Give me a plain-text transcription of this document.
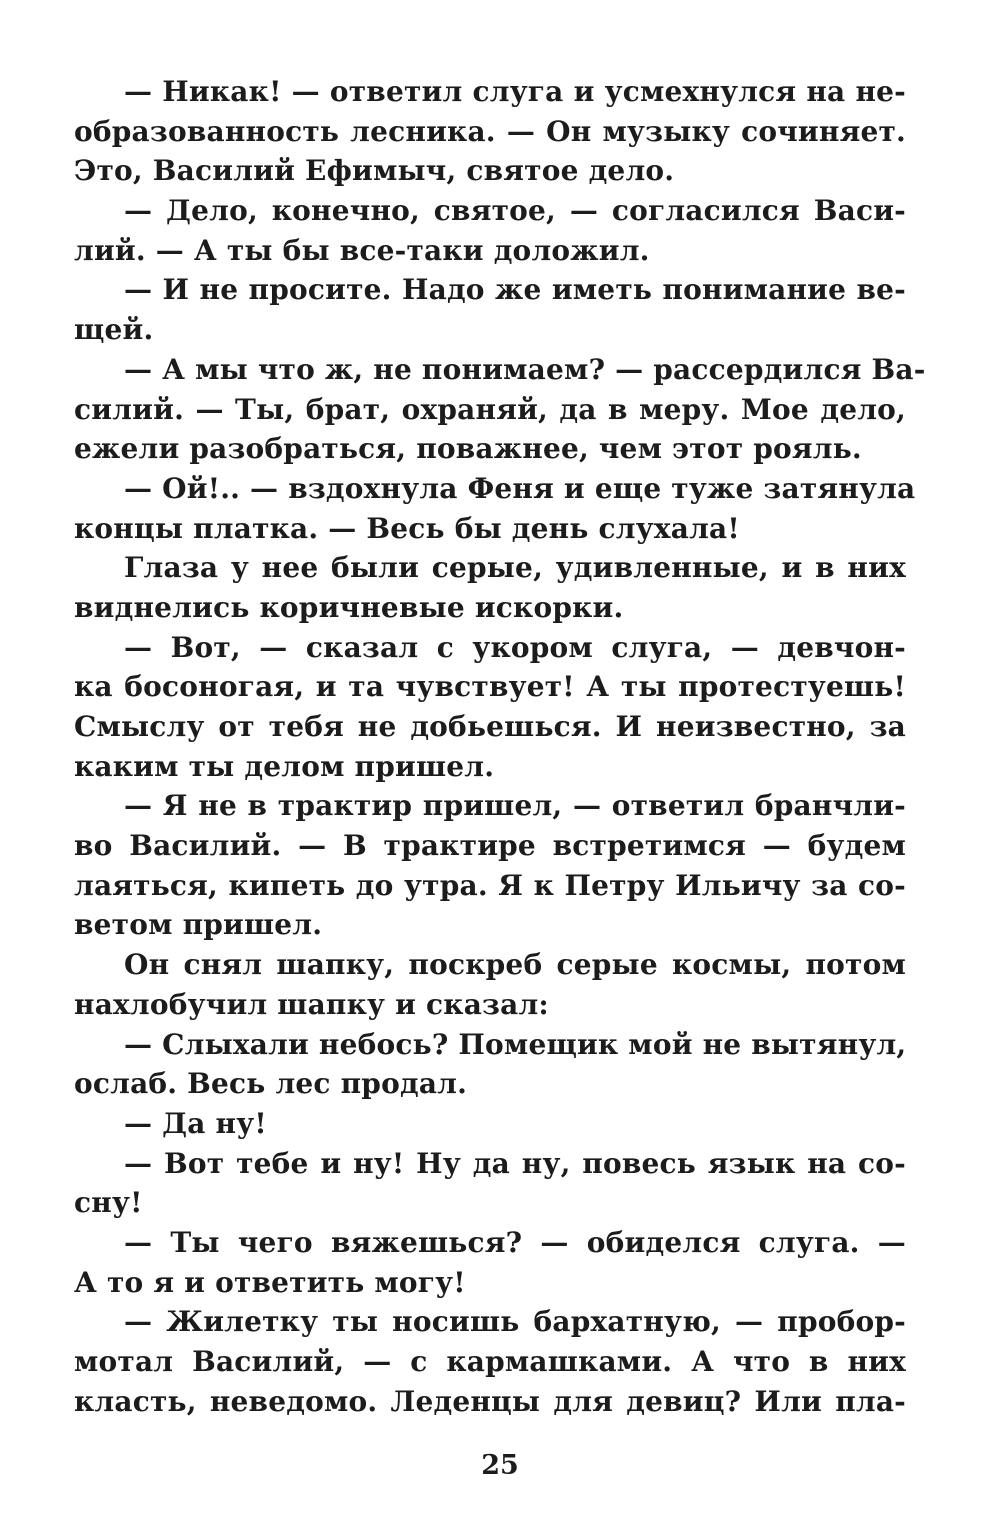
— Никак! — ответил слуга и усмехнулся на не-
образованность лесника. — Он музыку сочиняет.
Это, Василий Ефимыч, святое дело.
— Дело, конечно, святое, — согласился Васи-
лий. — А ты бы все-таки доложил.
— И не просите. Надо же иметь понимание ве-
щей.
— А мы что ж, не понимаем? — рассердился Ва-
силий. — Ты, брат, охраняй, да в меру. Мое дело,
ежели разобраться, поважнее, чем этот рояль.
— Ой!.. — вздохнула Феня и еще туже затянула
концы платка. — Весь бы день слухала!
Глаза у нее были серые, удивленные, и в них
виднелись коричневые искорки.
— Вот, — сказал с укором слуга, — девчон-
ка босоногая, и та чувствует! А ты протестуешь!
Смыслу от тебя не добьешься. И неизвестно, за
каким ты делом пришел.
— Я не в трактир пришел, — ответил бранчли-
во Василий. — В трактире встретимся — будем
лаяться, кипеть до утра. Я к Петру Ильичу за со-
ветом пришел.
Он снял шапку, поскреб серые космы, потом
нахлобучил шапку и сказал:
— Слыхали небось? Помещик мой не вытянул,
ослаб. Весь лес продал.
— Да ну!
— Вот тебе и ну! Ну да ну, повесь язык на со-
сну!
— Ты чего вяжешься? — обиделся слуга. —
А то я и ответить могу!
— Жилетку ты носишь бархатную, — пробор-
мотал Василий, — с кармашками. А что в них
класть, неведомо. Леденцы для девиц? Или пла-
25
